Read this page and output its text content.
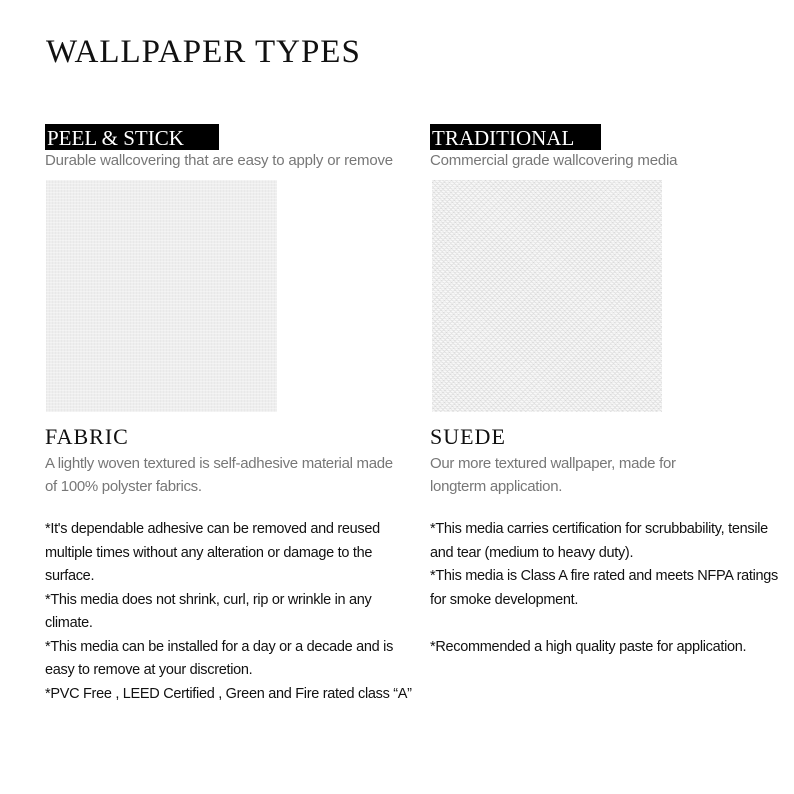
WALLPAPER TYPES
PEEL & STICK
Durable wallcovering that are easy to apply or remove
FABRIC
A lightly woven textured is self-adhesive material made
of 100% polyster fabrics.
*It's dependable adhesive can be removed and reused
multiple times without any alteration or damage to the
surface.
*This media does not shrink, curl, rip or wrinkle in any
climate.
*This media can be installed for a day or a decade and is
easy to remove at your discretion.
*PVC Free , LEED Certified , Green and Fire rated class “A”
TRADITIONAL
Commercial grade wallcovering media
SUEDE
Our more textured wallpaper, made for
longterm application.
*This media carries certification for scrubbability, tensile
and tear (medium to heavy duty).
*This media is Class A fire rated and meets NFPA ratings
for smoke development.
*Recommended a high quality paste for application.
